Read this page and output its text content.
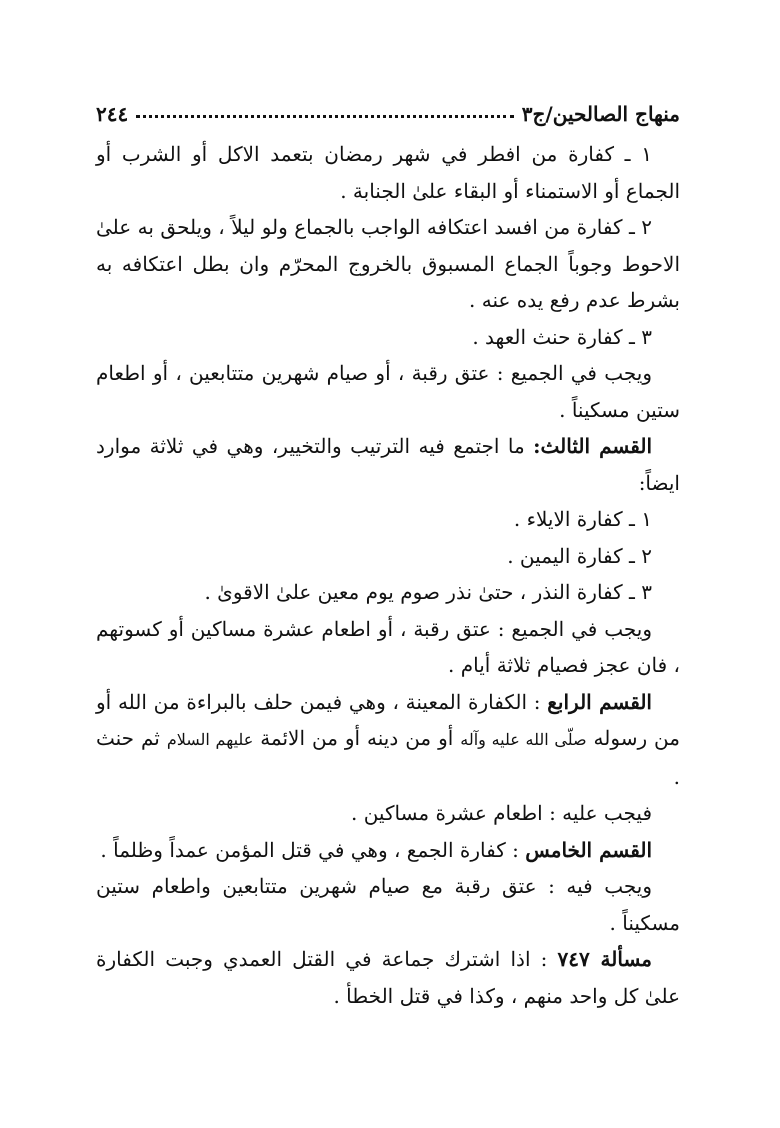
٢٤٤	منهاج الصالحين/ج٣

١ ـ كفارة من افطر في شهر رمضان بتعمد الاكل أو الشرب أو الجماع أو الاستمناء أو البقاء علىٰ الجنابة .

٢ ـ كفارة من افسد اعتكافه الواجب بالجماع ولو ليلاً ، ويلحق به علىٰ الاحوط وجوباً الجماع المسبوق بالخروج المحرّم وان بطل اعتكافه به بشرط عدم رفع يده عنه .

٣ ـ كفارة حنث العهد .

ويجب في الجميع : عتق رقبة ، أو صيام شهرين متتابعين ، أو اطعام ستين مسكيناً .

القسم الثالث: ما اجتمع فيه الترتيب والتخيير، وهي في ثلاثة موارد ايضاً:

١ ـ كفارة الايلاء .

٢ ـ كفارة اليمين .

٣ ـ كفارة النذر ، حتىٰ نذر صوم يوم معين علىٰ الاقوىٰ .

ويجب في الجميع : عتق رقبة ، أو اطعام عشرة مساكين أو كسوتهم ، فان عجز فصيام ثلاثة أيام .

القسم الرابع : الكفارة المعينة ، وهي فيمن حلف بالبراءة من الله أو من رسوله صلّى الله عليه وآله أو من دينه أو من الائمة عليهم السلام ثم حنث .

فيجب عليه : اطعام عشرة مساكين .

القسم الخامس : كفارة الجمع ، وهي في قتل المؤمن عمداً وظلماً .

ويجب فيه : عتق رقبة مع صيام شهرين متتابعين واطعام ستين مسكيناً .

مسألة ٧٤٧ : اذا اشترك جماعة في القتل العمدي وجبت الكفارة علىٰ كل واحد منهم ، وكذا في قتل الخطأ .
